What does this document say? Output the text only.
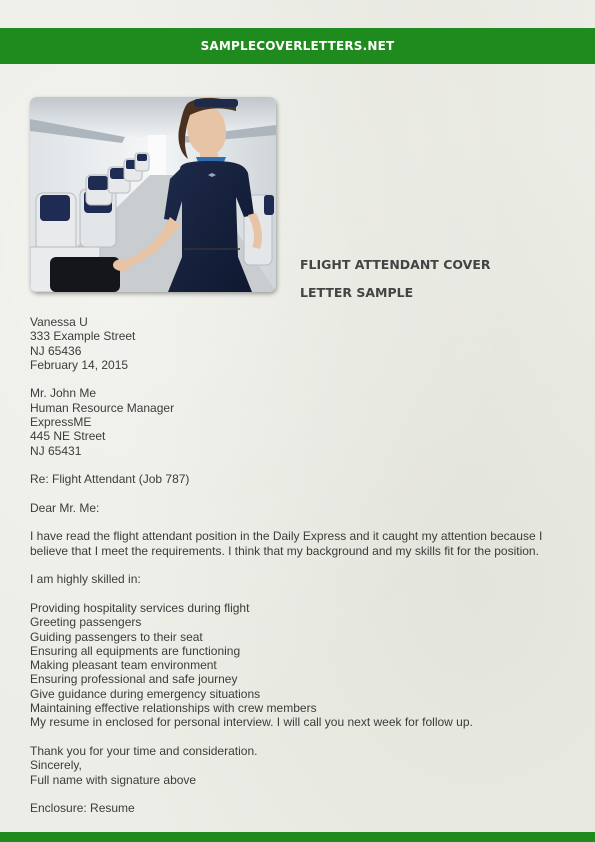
SAMPLECOVERLETTERS.NET
FLIGHT ATTENDANT COVER
LETTER SAMPLE
Vanessa U
333 Example Street
NJ 65436
February 14, 2015
Mr. John Me
Human Resource Manager
ExpressME
445 NE Street
NJ 65431
Re: Flight Attendant (Job 787)
Dear Mr. Me:
I have read the flight attendant position in the Daily Express and it caught my attention because I believe that I meet the requirements. I think that my background and my skills fit for the position.
I am highly skilled in:
Providing hospitality services during flight
Greeting passengers
Guiding passengers to their seat
Ensuring all equipments are functioning
Making pleasant team environment
Ensuring professional and safe journey
Give guidance during emergency situations
Maintaining effective relationships with crew members
My resume in enclosed for personal interview. I will call you next week for follow up.
Thank you for your time and consideration.
Sincerely,
Full name with signature above
Enclosure: Resume
